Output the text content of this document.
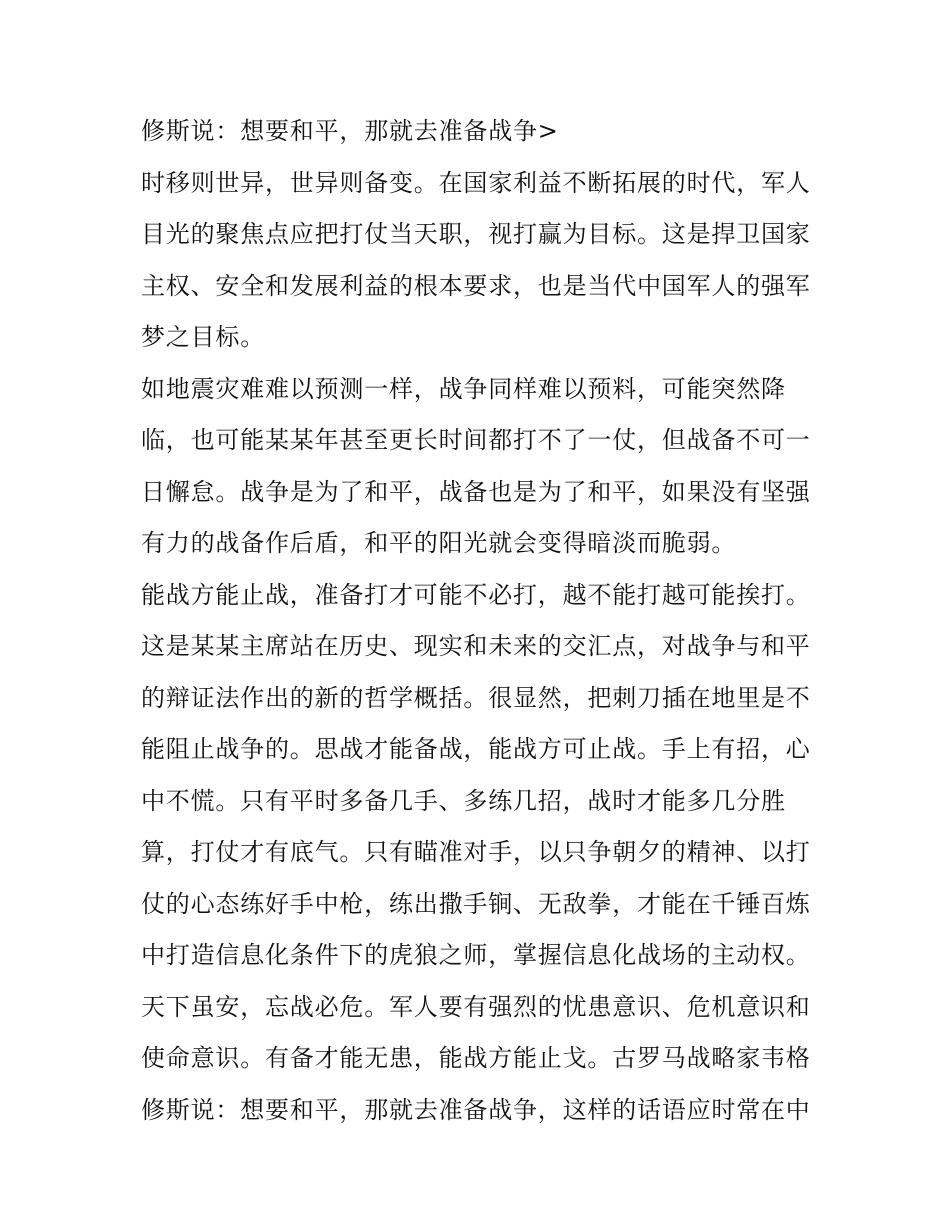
修斯说：想要和平，那就去准备战争>
时移则世异，世异则备变。在国家利益不断拓展的时代，军人
目光的聚焦点应把打仗当天职，视打赢为目标。这是捍卫国家
主权、安全和发展利益的根本要求，也是当代中国军人的强军
梦之目标。
如地震灾难难以预测一样，战争同样难以预料，可能突然降
临，也可能某某年甚至更长时间都打不了一仗，但战备不可一
日懈怠。战争是为了和平，战备也是为了和平，如果没有坚强
有力的战备作后盾，和平的阳光就会变得暗淡而脆弱。
能战方能止战，准备打才可能不必打，越不能打越可能挨打。
这是某某主席站在历史、现实和未来的交汇点，对战争与和平
的辩证法作出的新的哲学概括。很显然，把刺刀插在地里是不
能阻止战争的。思战才能备战，能战方可止战。手上有招，心
中不慌。只有平时多备几手、多练几招，战时才能多几分胜
算，打仗才有底气。只有瞄准对手，以只争朝夕的精神、以打
仗的心态练好手中枪，练出撒手锏、无敌拳，才能在千锤百炼
中打造信息化条件下的虎狼之师，掌握信息化战场的主动权。
天下虽安，忘战必危。军人要有强烈的忧患意识、危机意识和
使命意识。有备才能无患，能战方能止戈。古罗马战略家韦格
修斯说：想要和平，那就去准备战争，这样的话语应时常在中
